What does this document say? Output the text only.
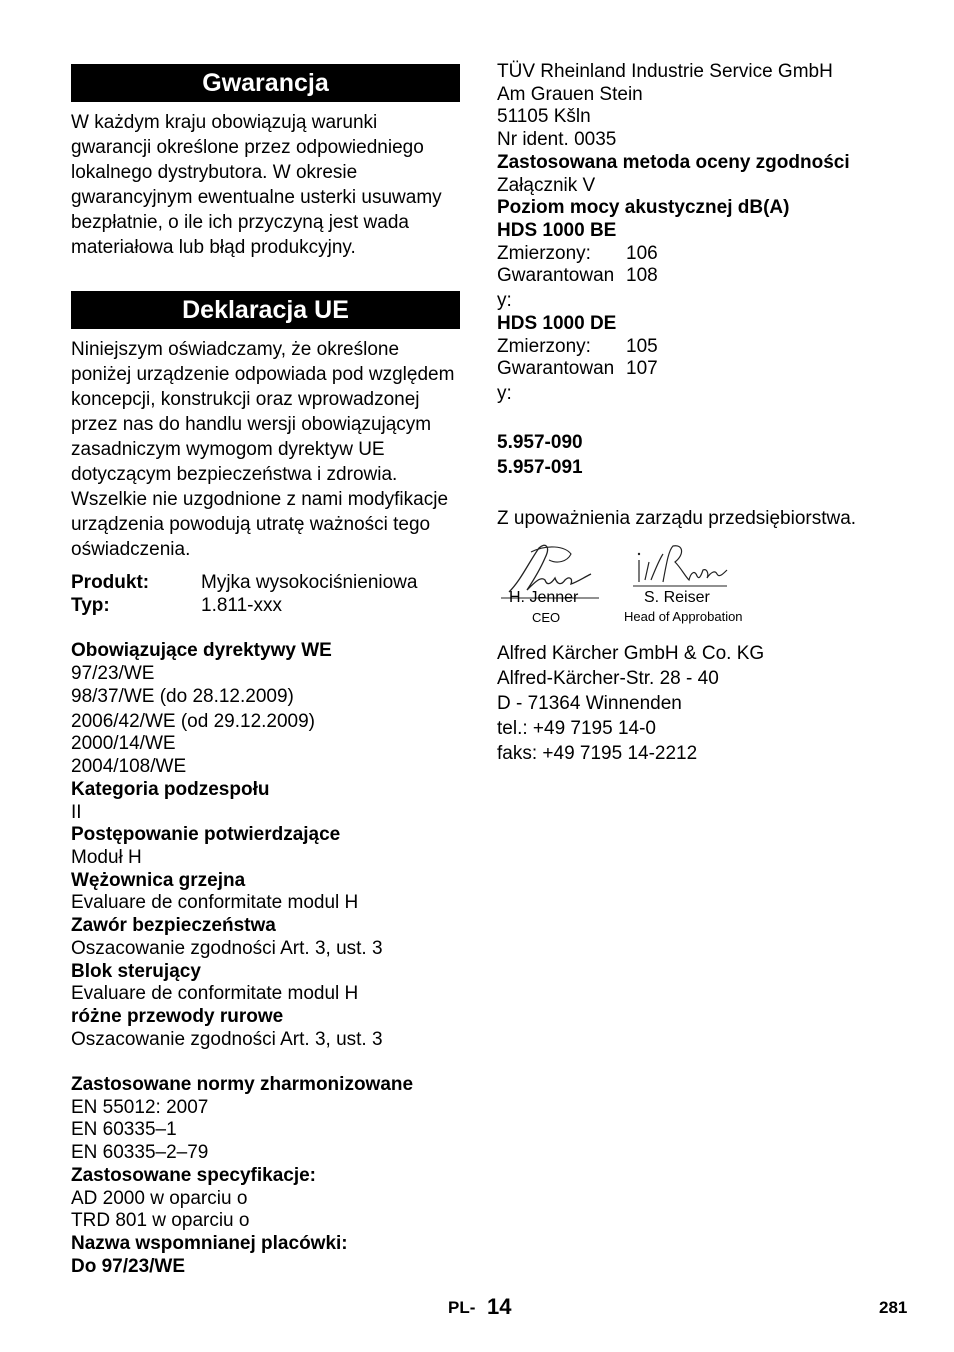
Gwarancja
W każdym kraju obowiązują warunki gwarancji określone przez odpowiedniego lokalnego dystrybutora. W okresie gwarancyjnym ewentualne usterki usuwamy bezpłatnie, o ile ich przyczyną jest wada materiałowa lub błąd produkcyjny.
Deklaracja UE
Niniejszym oświadczamy, że określone poniżej urządzenie odpowiada pod względem koncepcji, konstrukcji oraz wprowadzonej przez nas do handlu wersji obowiązującym zasadniczym wymogom dyrektyw UE dotyczącym bezpieczeństwa i zdrowia. Wszelkie nie uzgodnione z nami modyfikacje urządzenia powodują utratę ważności tego oświadczenia.
Produkt:	Myjka wysokociśnieniowa
Typ:	1.811-xxx
Obowiązujące dyrektywy WE
97/23/WE
98/37/WE (do 28.12.2009)
2006/42/WE (od 29.12.2009)
2000/14/WE
2004/108/WE
Kategoria podzespołu
II
Postępowanie potwierdzające
Moduł H
Wężownica grzejna
Evaluare de conformitate modul H
Zawór bezpieczeństwa
Oszacowanie zgodności Art. 3, ust. 3
Blok sterujący
Evaluare de conformitate modul H
różne przewody rurowe
Oszacowanie zgodności Art. 3, ust. 3
Zastosowane normy zharmonizowane
EN 55012: 2007
EN 60335–1
EN 60335–2–79
Zastosowane specyfikacje:
AD 2000 w oparciu o
TRD 801 w oparciu o
Nazwa wspomnianej placówki:
Do 97/23/WE
TÜV Rheinland Industrie Service GmbH
Am Grauen Stein
51105 Kšln
Nr ident. 0035
Zastosowana metoda oceny zgodności
Załącznik V
Poziom mocy akustycznej dB(A)
HDS 1000 BE
Zmierzony: 106
Gwarantowan 108
y:
HDS 1000 DE
Zmierzony: 105
Gwarantowan 107
y:
5.957-090
5.957-091
Z upoważnienia zarządu przedsiębiorstwa.
H. Jenner
CEO
S. Reiser
Head of Approbation
Alfred Kärcher GmbH & Co. KG
Alfred-Kärcher-Str. 28 - 40
D - 71364 Winnenden
tel.: +49 7195 14-0
faks: +49 7195 14-2212
PL- 14	281
